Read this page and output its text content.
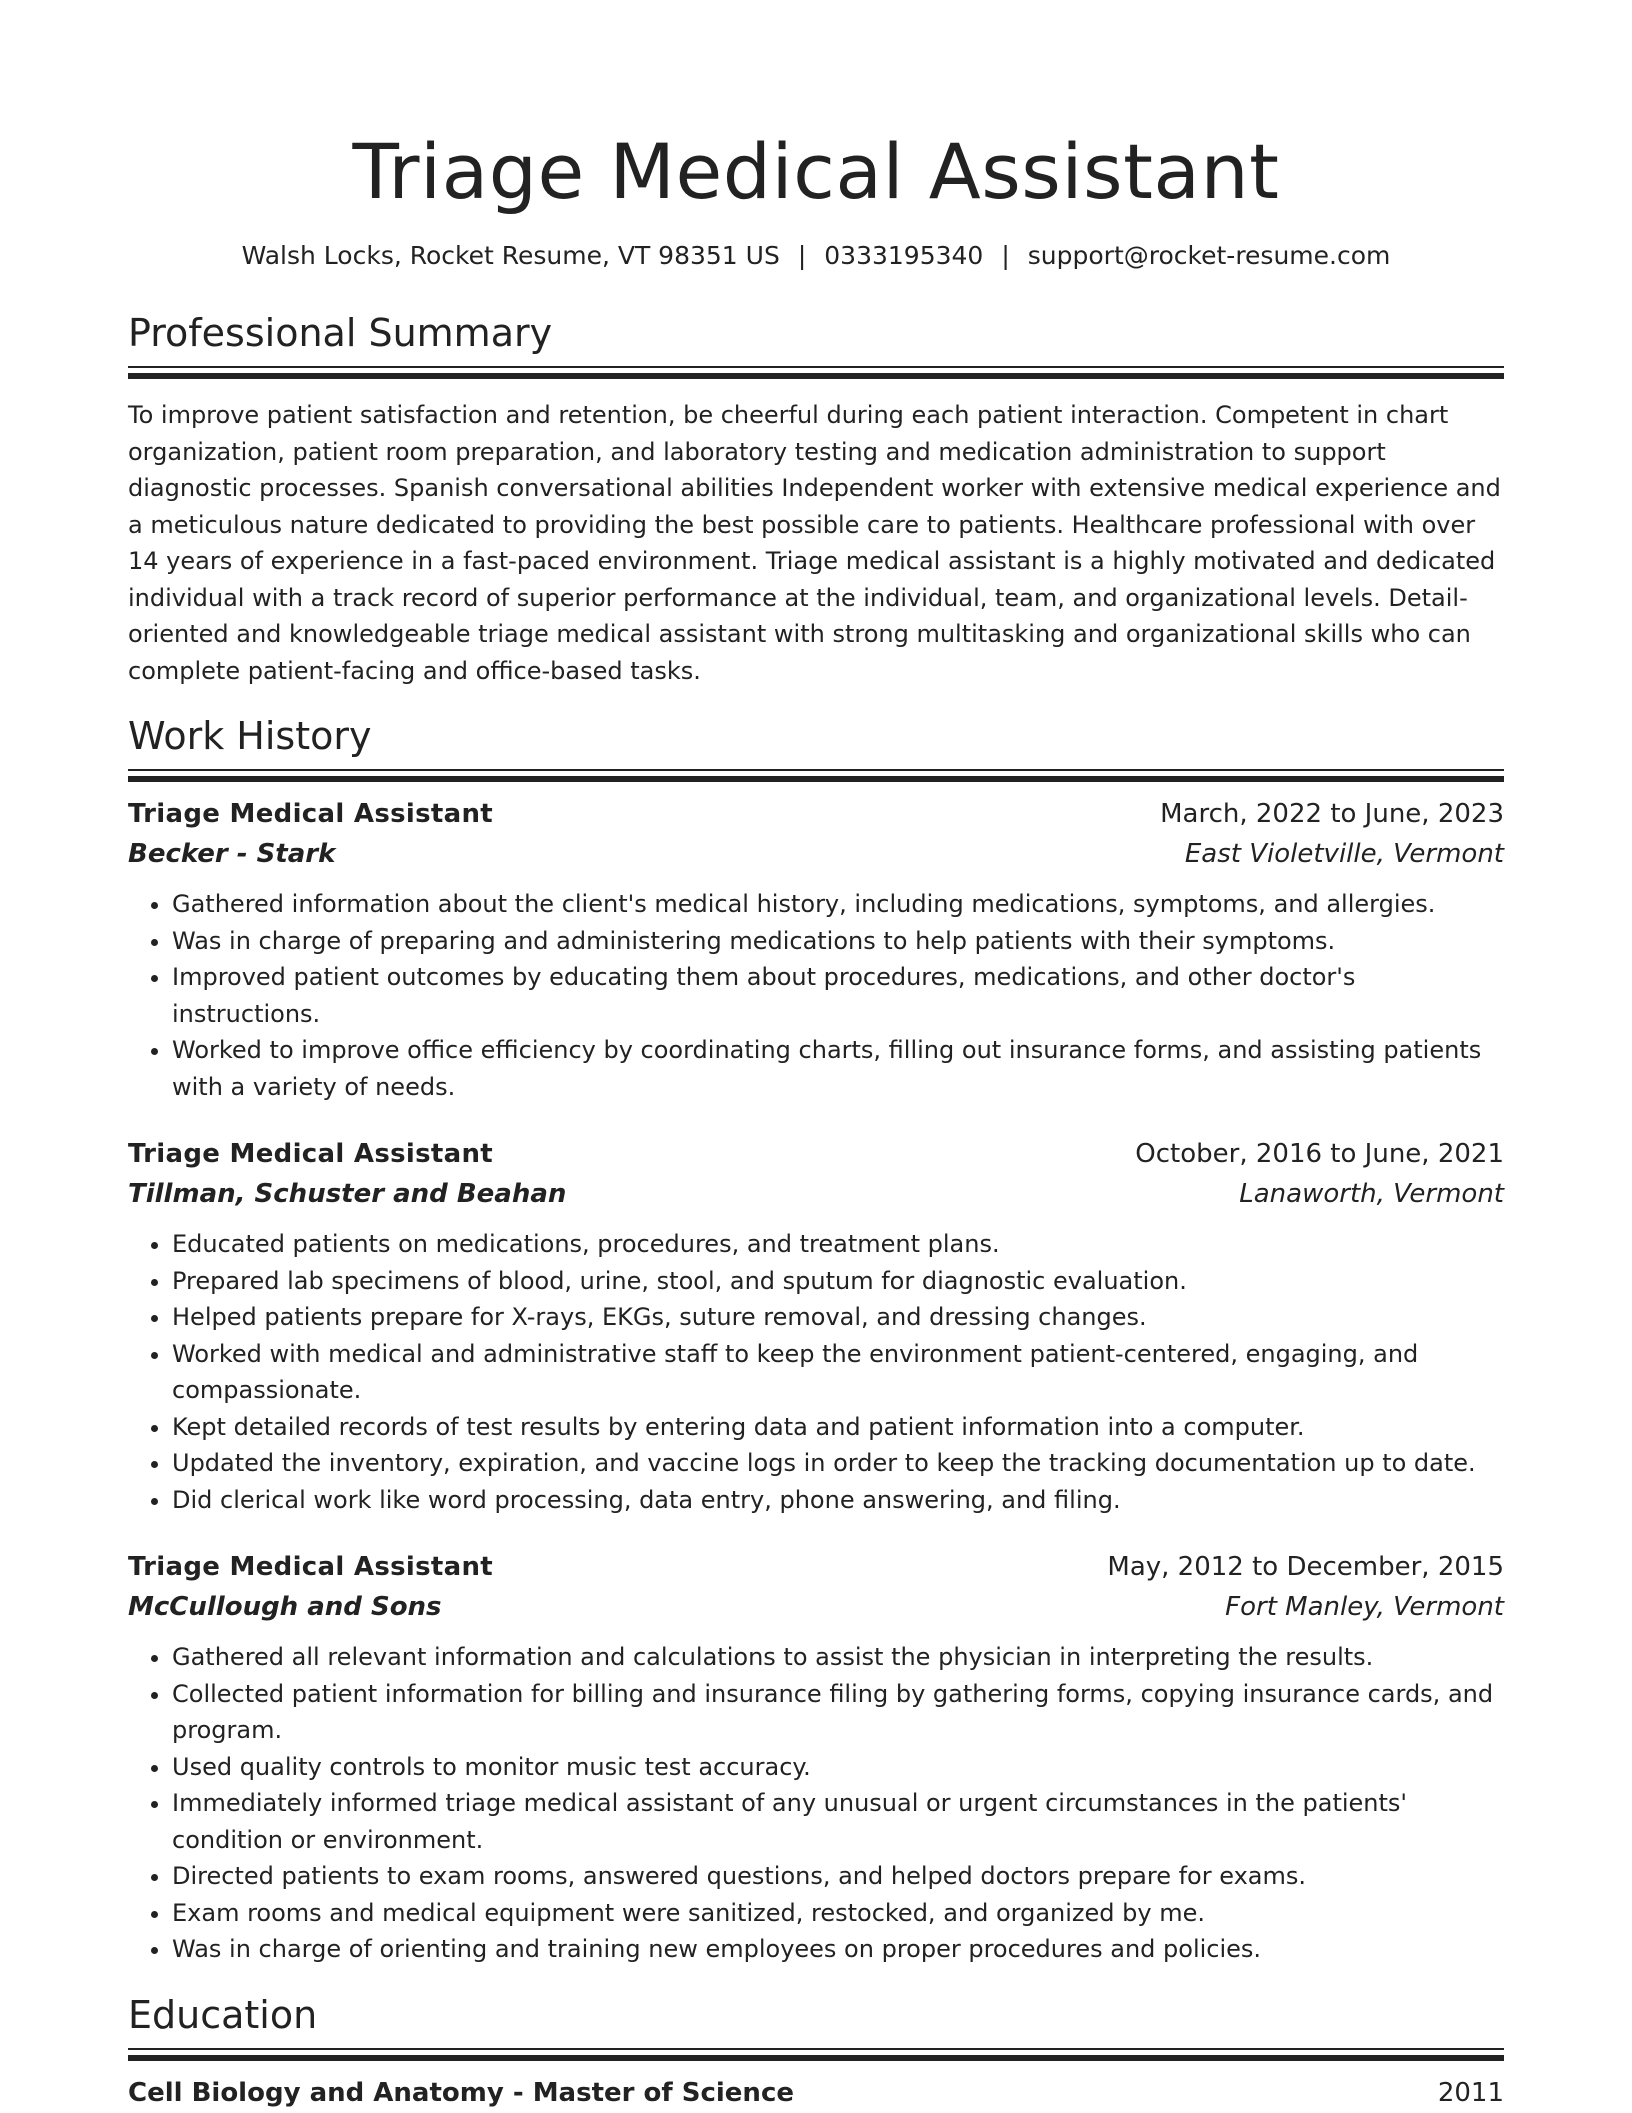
Triage Medical Assistant
Walsh Locks, Rocket Resume, VT 98351 US | 0333195340 | support@rocket-resume.com
Professional Summary
To improve patient satisfaction and retention, be cheerful during each patient interaction. Competent in chart organization, patient room preparation, and laboratory testing and medication administration to support diagnostic processes. Spanish conversational abilities Independent worker with extensive medical experience and a meticulous nature dedicated to providing the best possible care to patients. Healthcare professional with over 14 years of experience in a fast-paced environment. Triage medical assistant is a highly motivated and dedicated individual with a track record of superior performance at the individual, team, and organizational levels. Detail-oriented and knowledgeable triage medical assistant with strong multitasking and organizational skills who can complete patient-facing and office-based tasks.
Work History
Triage Medical Assistant	March, 2022 to June, 2023
Becker - Stark	East Violetville, Vermont
• Gathered information about the client's medical history, including medications, symptoms, and allergies.
• Was in charge of preparing and administering medications to help patients with their symptoms.
• Improved patient outcomes by educating them about procedures, medications, and other doctor's instructions.
• Worked to improve office efficiency by coordinating charts, filling out insurance forms, and assisting patients with a variety of needs.
Triage Medical Assistant	October, 2016 to June, 2021
Tillman, Schuster and Beahan	Lanaworth, Vermont
• Educated patients on medications, procedures, and treatment plans.
• Prepared lab specimens of blood, urine, stool, and sputum for diagnostic evaluation.
• Helped patients prepare for X-rays, EKGs, suture removal, and dressing changes.
• Worked with medical and administrative staff to keep the environment patient-centered, engaging, and compassionate.
• Kept detailed records of test results by entering data and patient information into a computer.
• Updated the inventory, expiration, and vaccine logs in order to keep the tracking documentation up to date.
• Did clerical work like word processing, data entry, phone answering, and filing.
Triage Medical Assistant	May, 2012 to December, 2015
McCullough and Sons	Fort Manley, Vermont
• Gathered all relevant information and calculations to assist the physician in interpreting the results.
• Collected patient information for billing and insurance filing by gathering forms, copying insurance cards, and program.
• Used quality controls to monitor music test accuracy.
• Immediately informed triage medical assistant of any unusual or urgent circumstances in the patients' condition or environment.
• Directed patients to exam rooms, answered questions, and helped doctors prepare for exams.
• Exam rooms and medical equipment were sanitized, restocked, and organized by me.
• Was in charge of orienting and training new employees on proper procedures and policies.
Education
Cell Biology and Anatomy - Master of Science	2011
